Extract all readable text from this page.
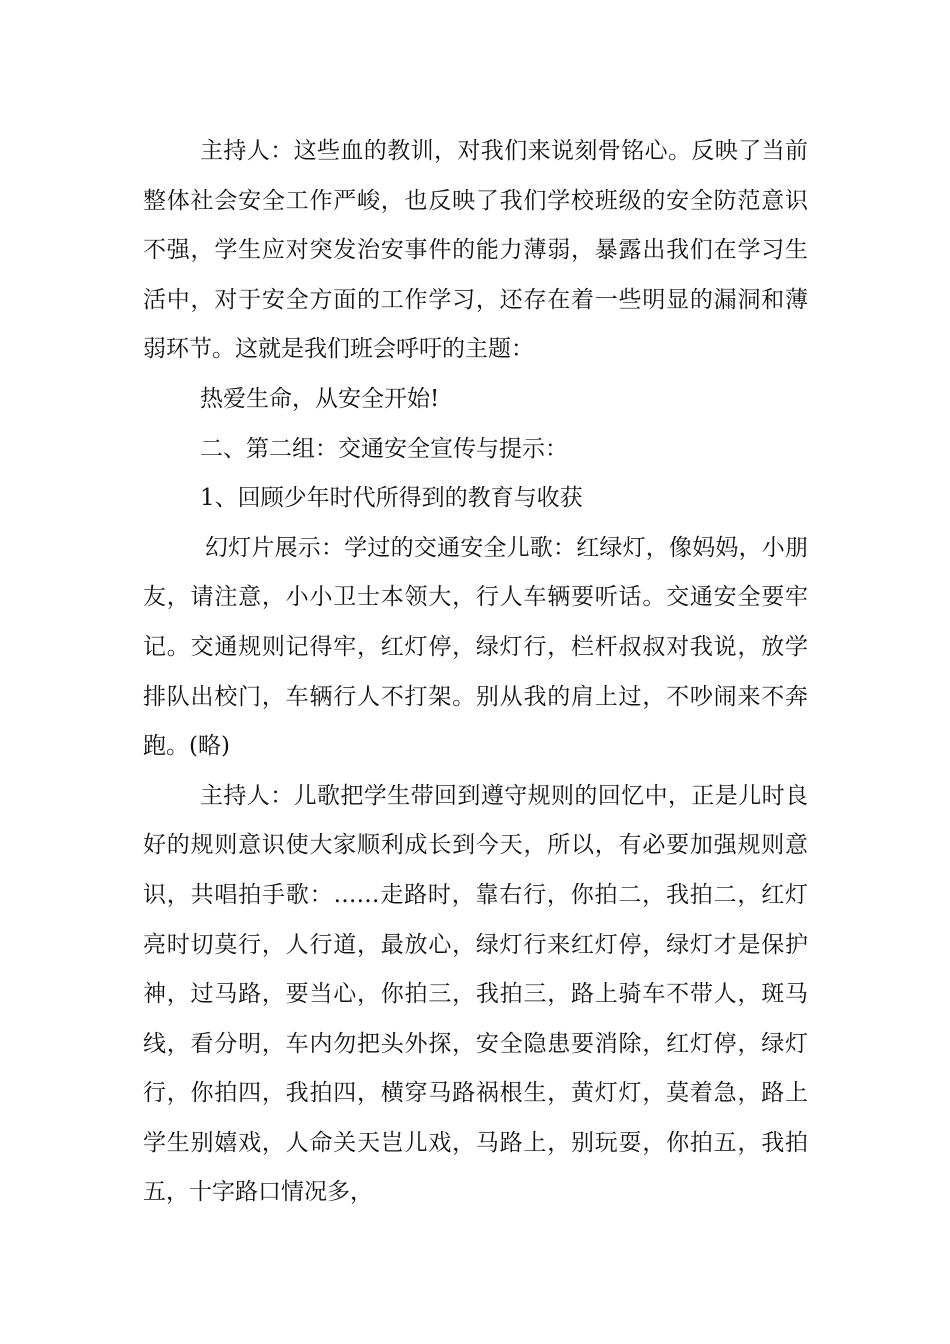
主持人：这些血的教训，对我们来说刻骨铭心。反映了当前整体社会安全工作严峻，也反映了我们学校班级的安全防范意识不强，学生应对突发治安事件的能力薄弱，暴露出我们在学习生活中，对于安全方面的工作学习，还存在着一些明显的漏洞和薄弱环节。这就是我们班会呼吁的主题：

热爱生命，从安全开始!

二、第二组：交通安全宣传与提示：

1、回顾少年时代所得到的教育与收获

幻灯片展示：学过的交通安全儿歌：红绿灯，像妈妈，小朋友，请注意，小小卫士本领大，行人车辆要听话。交通安全要牢记。交通规则记得牢，红灯停，绿灯行，栏杆叔叔对我说，放学排队出校门，车辆行人不打架。别从我的肩上过，不吵闹来不奔跑。(略)

主持人：儿歌把学生带回到遵守规则的回忆中，正是儿时良好的规则意识使大家顺利成长到今天，所以，有必要加强规则意识，共唱拍手歌：……走路时，靠右行，你拍二，我拍二，红灯亮时切莫行，人行道，最放心，绿灯行来红灯停，绿灯才是保护神，过马路，要当心，你拍三，我拍三，路上骑车不带人，斑马线，看分明，车内勿把头外探，安全隐患要消除，红灯停，绿灯行，你拍四，我拍四，横穿马路祸根生，黄灯灯，莫着急，路上学生别嬉戏，人命关天岂儿戏，马路上，别玩耍，你拍五，我拍五，十字路口情况多，
